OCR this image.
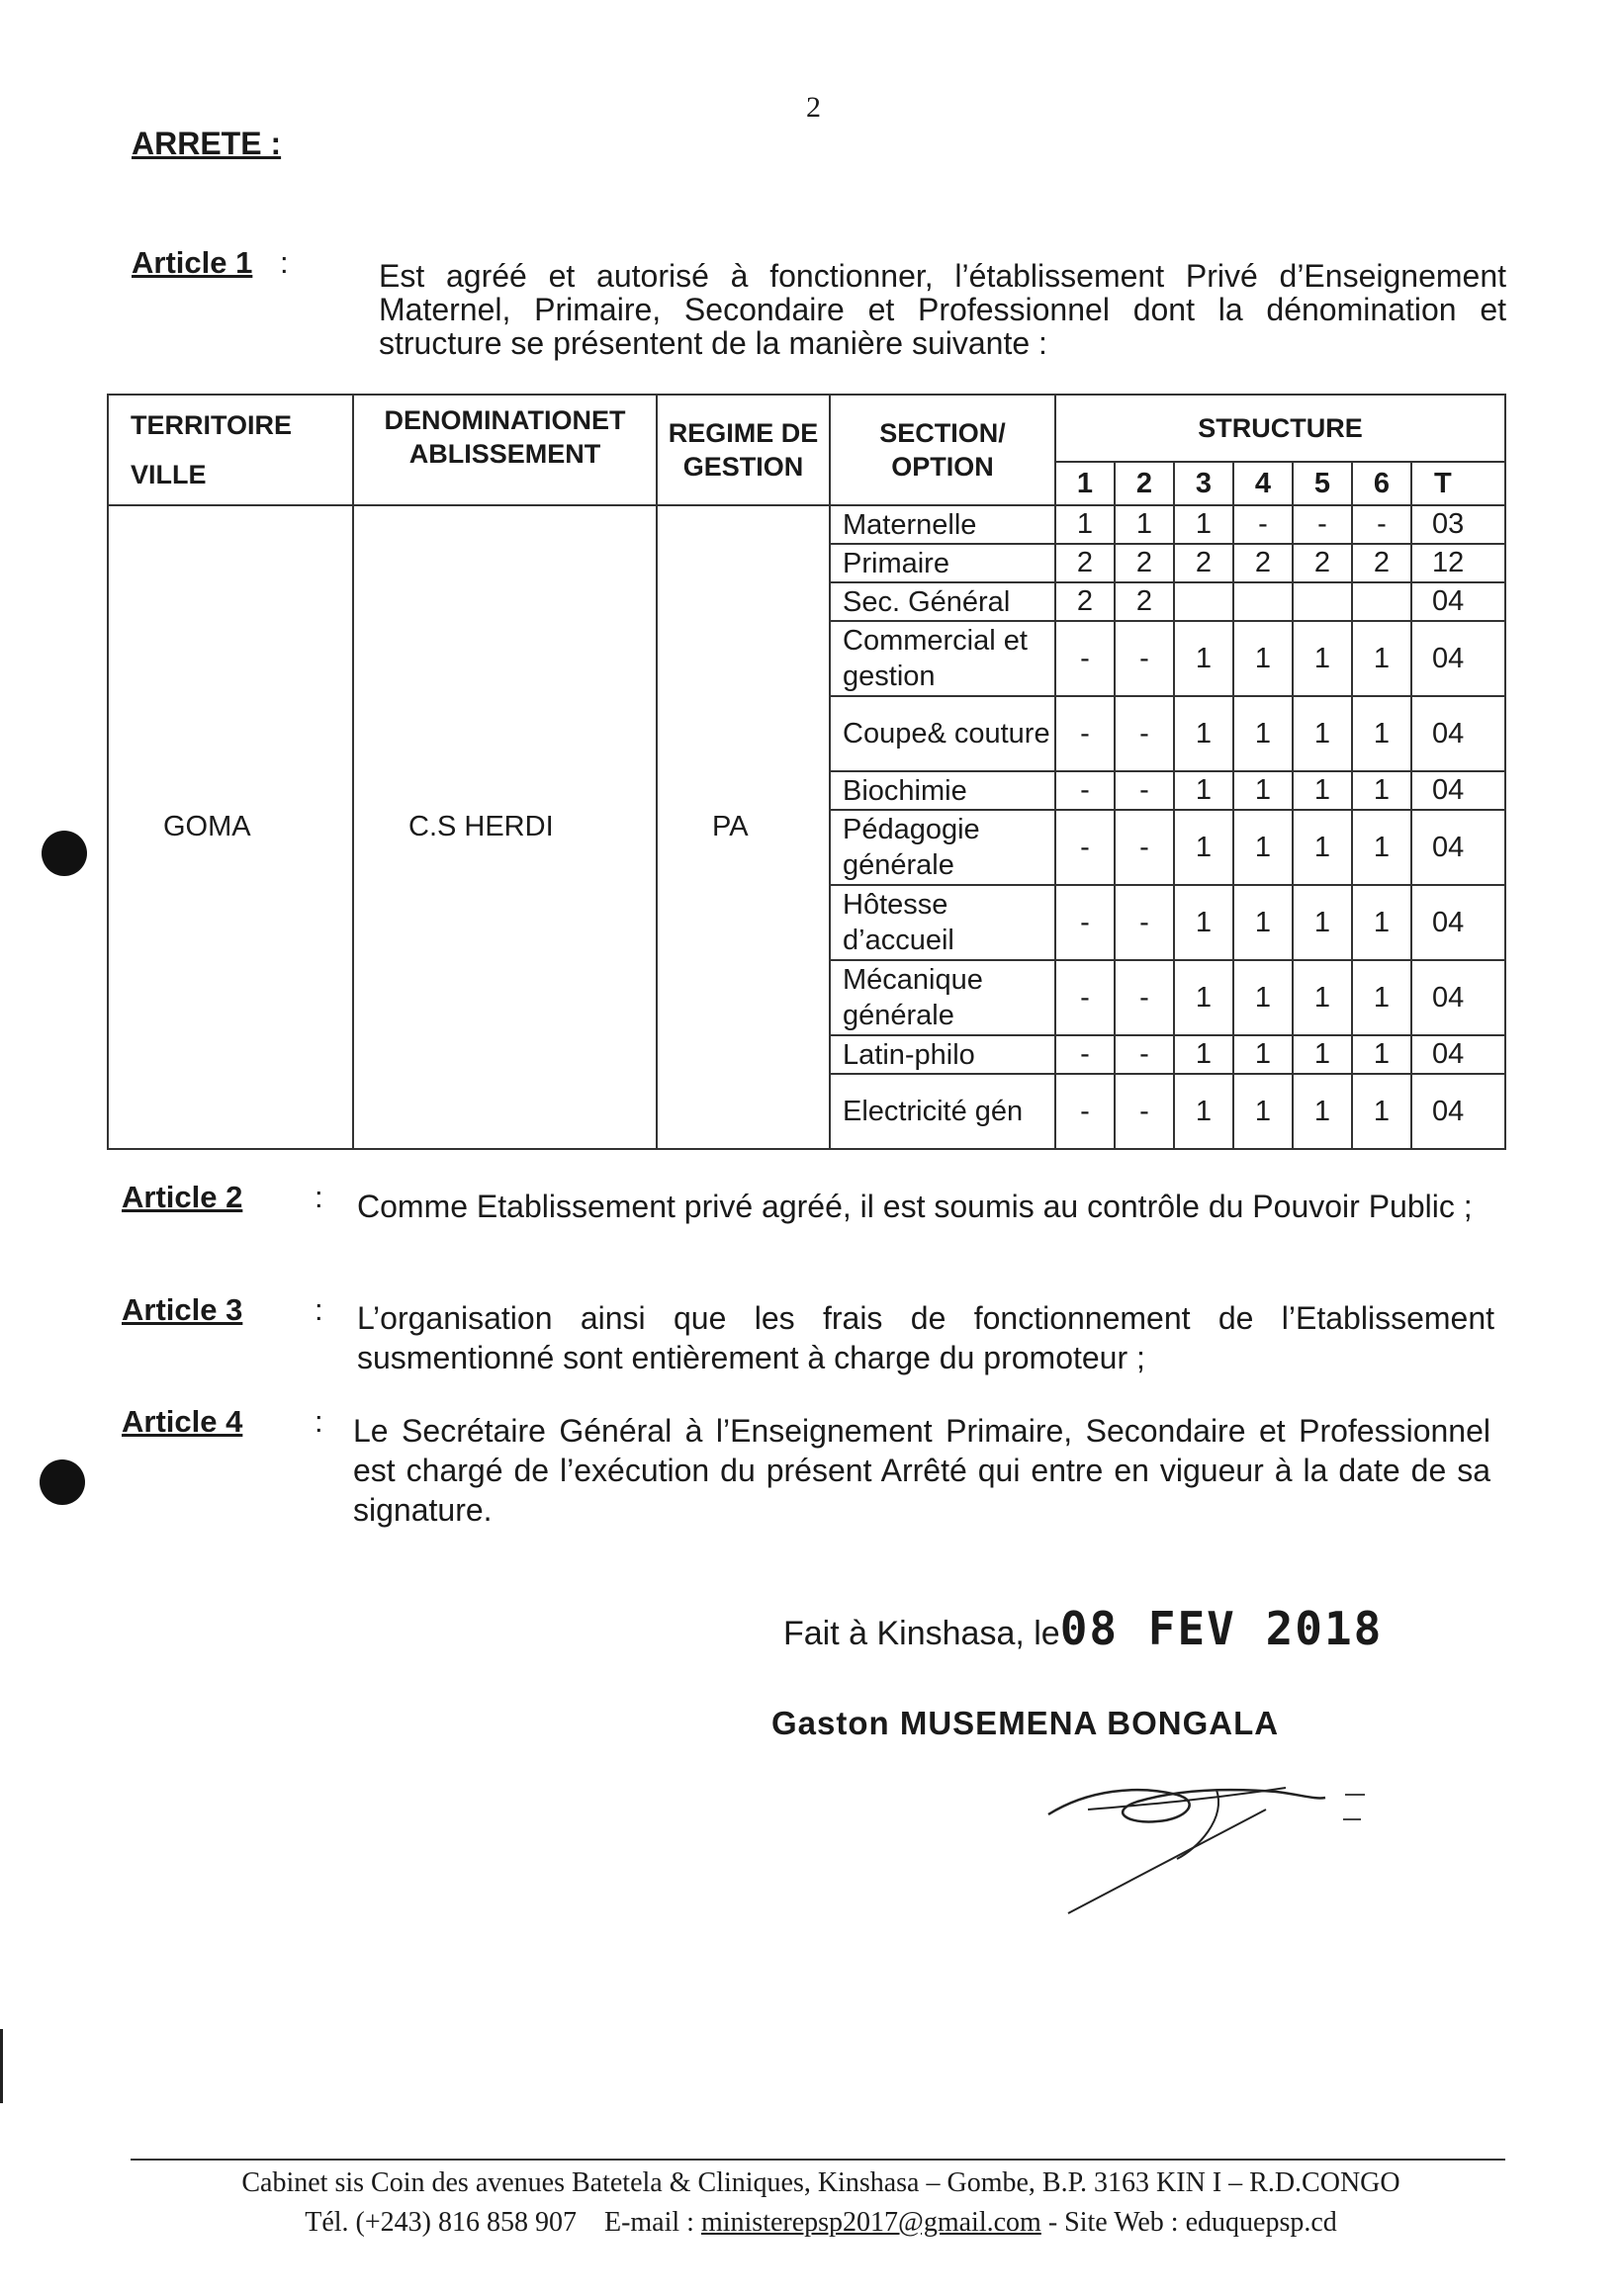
2
ARRETE :
Article 1 :	Est agréé et autorisé à fonctionner, l’établissement Privé d’Enseignement Maternel, Primaire, Secondaire et Professionnel dont la dénomination et structure se présentent de la manière suivante :
TERRITOIRE
VILLE	DENOMINATIONET ABLISSEMENT	REGIME DE GESTION	SECTION/ OPTION	STRUCTURE						
				1	2	3	4	5	6	T
GOMA	C.S HERDI	PA	Maternelle	1	1	1	-	-	-	03
			Primaire	2	2	2	2	2	2	12
			Sec. Général	2	2					04
			Commercial et gestion	-	-	1	1	1	1	04
			Coupe& couture	-	-	1	1	1	1	04
			Biochimie	-	-	1	1	1	1	04
			Pédagogie générale	-	-	1	1	1	1	04
			Hôtesse d’accueil	-	-	1	1	1	1	04
			Mécanique générale	-	-	1	1	1	1	04
			Latin-philo	-	-	1	1	1	1	04
			Electricité gén	-	-	1	1	1	1	04
Article 2 : Comme Etablissement privé agréé, il est soumis au contrôle du Pouvoir Public ;
Article 3 : L’organisation ainsi que les frais de fonctionnement de l’Etablissement susmentionné sont entièrement à charge du promoteur ;
Article 4 : Le Secrétaire Général à l’Enseignement Primaire, Secondaire et Professionnel est chargé de l’exécution du présent Arrêté qui entre en vigueur à la date de sa signature.
Fait à Kinshasa, le08 FEV 2018
Gaston MUSEMENA BONGALA
Cabinet sis Coin des avenues Batetela & Cliniques, Kinshasa – Gombe, B.P. 3163 KIN I – R.D.CONGO
Tél. (+243) 816 858 907 E-mail : ministerepsp2017@gmail.com - Site Web : eduquepsp.cd
